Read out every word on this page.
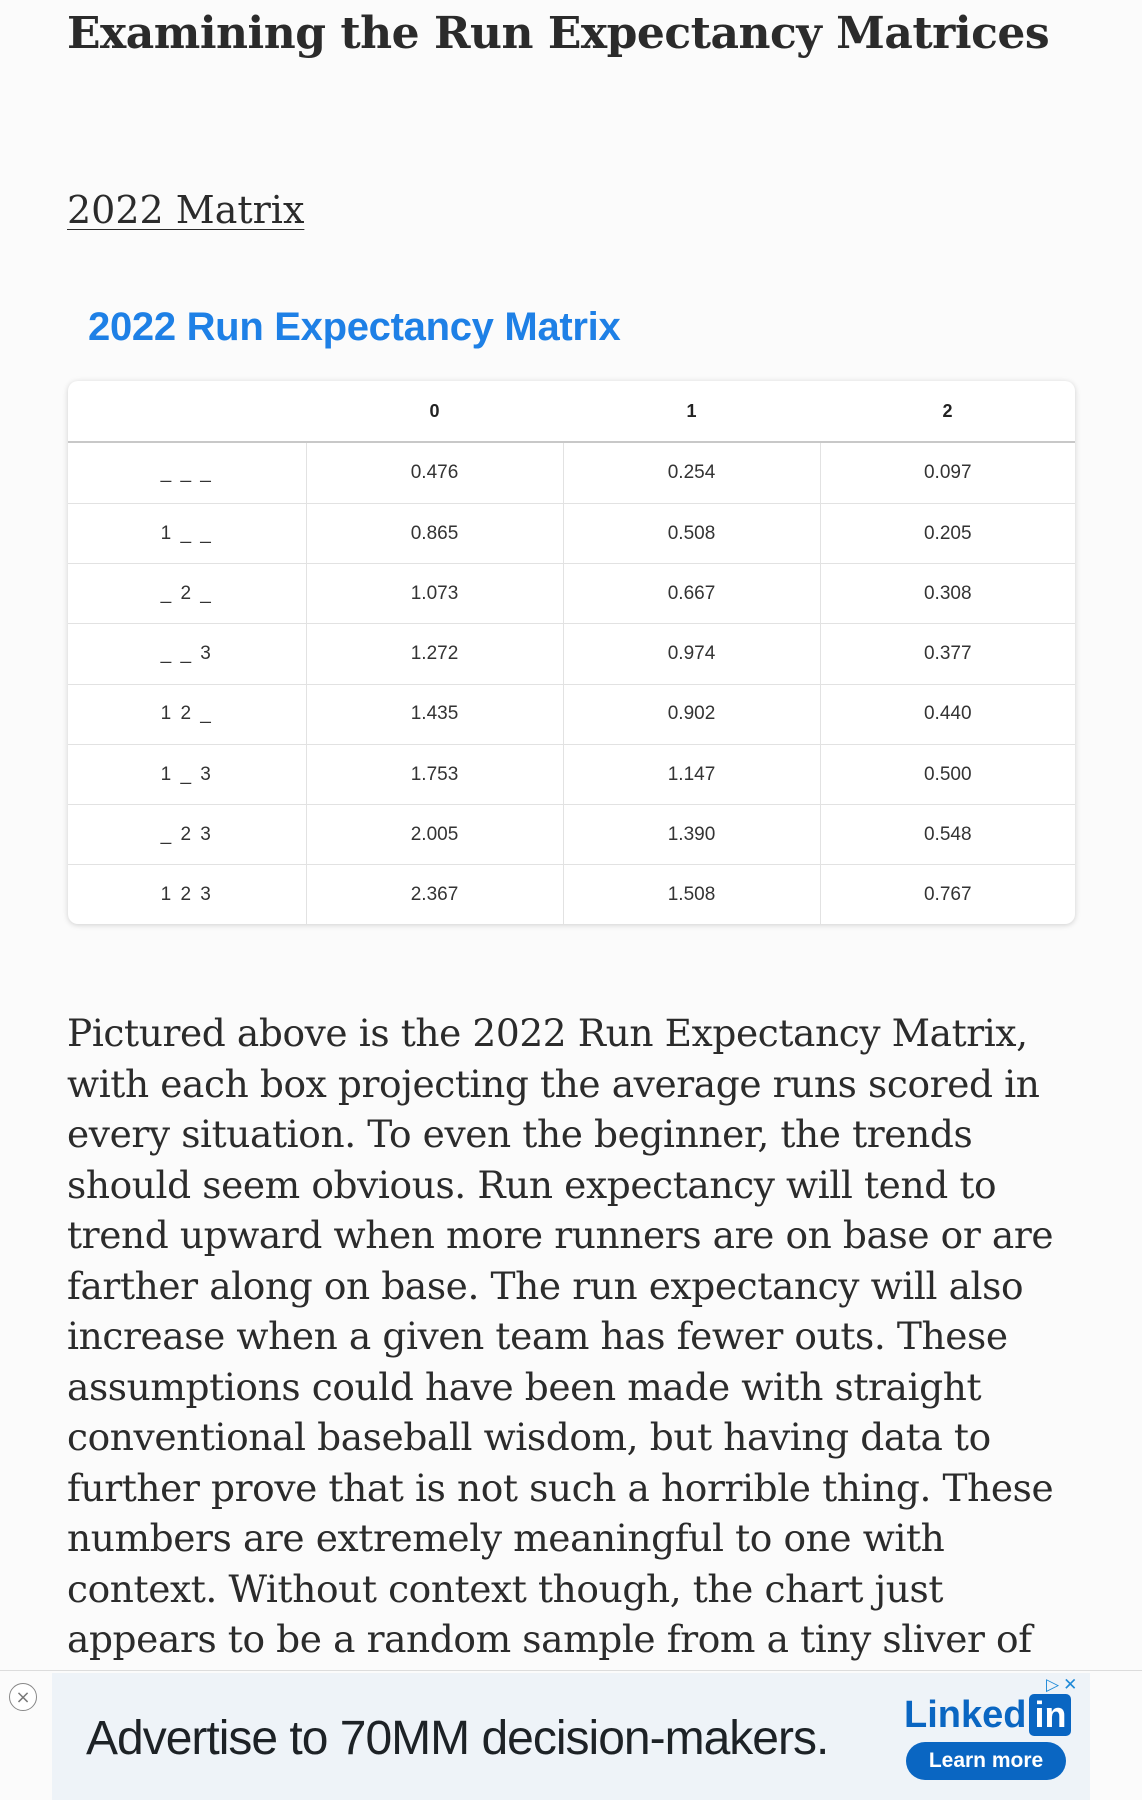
Examining the Run Expectancy Matrices
2022 Matrix
2022 Run Expectancy Matrix
	0	1	2
_ _ _	0.476	0.254	0.097
1 _ _	0.865	0.508	0.205
_ 2 _	1.073	0.667	0.308
_ _ 3	1.272	0.974	0.377
1 2 _	1.435	0.902	0.440
1 _ 3	1.753	1.147	0.500
_ 2 3	2.005	1.390	0.548
1 2 3	2.367	1.508	0.767

Pictured above is the 2022 Run Expectancy Matrix, with each box projecting the average runs scored in every situation. To even the beginner, the trends should seem obvious. Run expectancy will tend to trend upward when more runners are on base or are farther along on base. The run expectancy will also increase when a given team has fewer outs. These assumptions could have been made with straight conventional baseball wisdom, but having data to further prove that is not such a horrible thing. These numbers are extremely meaningful to one with context. Without context though, the chart just appears to be a random sample from a tiny sliver of

Advertise to 70MM decision-makers. Linked in
Learn more
×
▷ ✕
